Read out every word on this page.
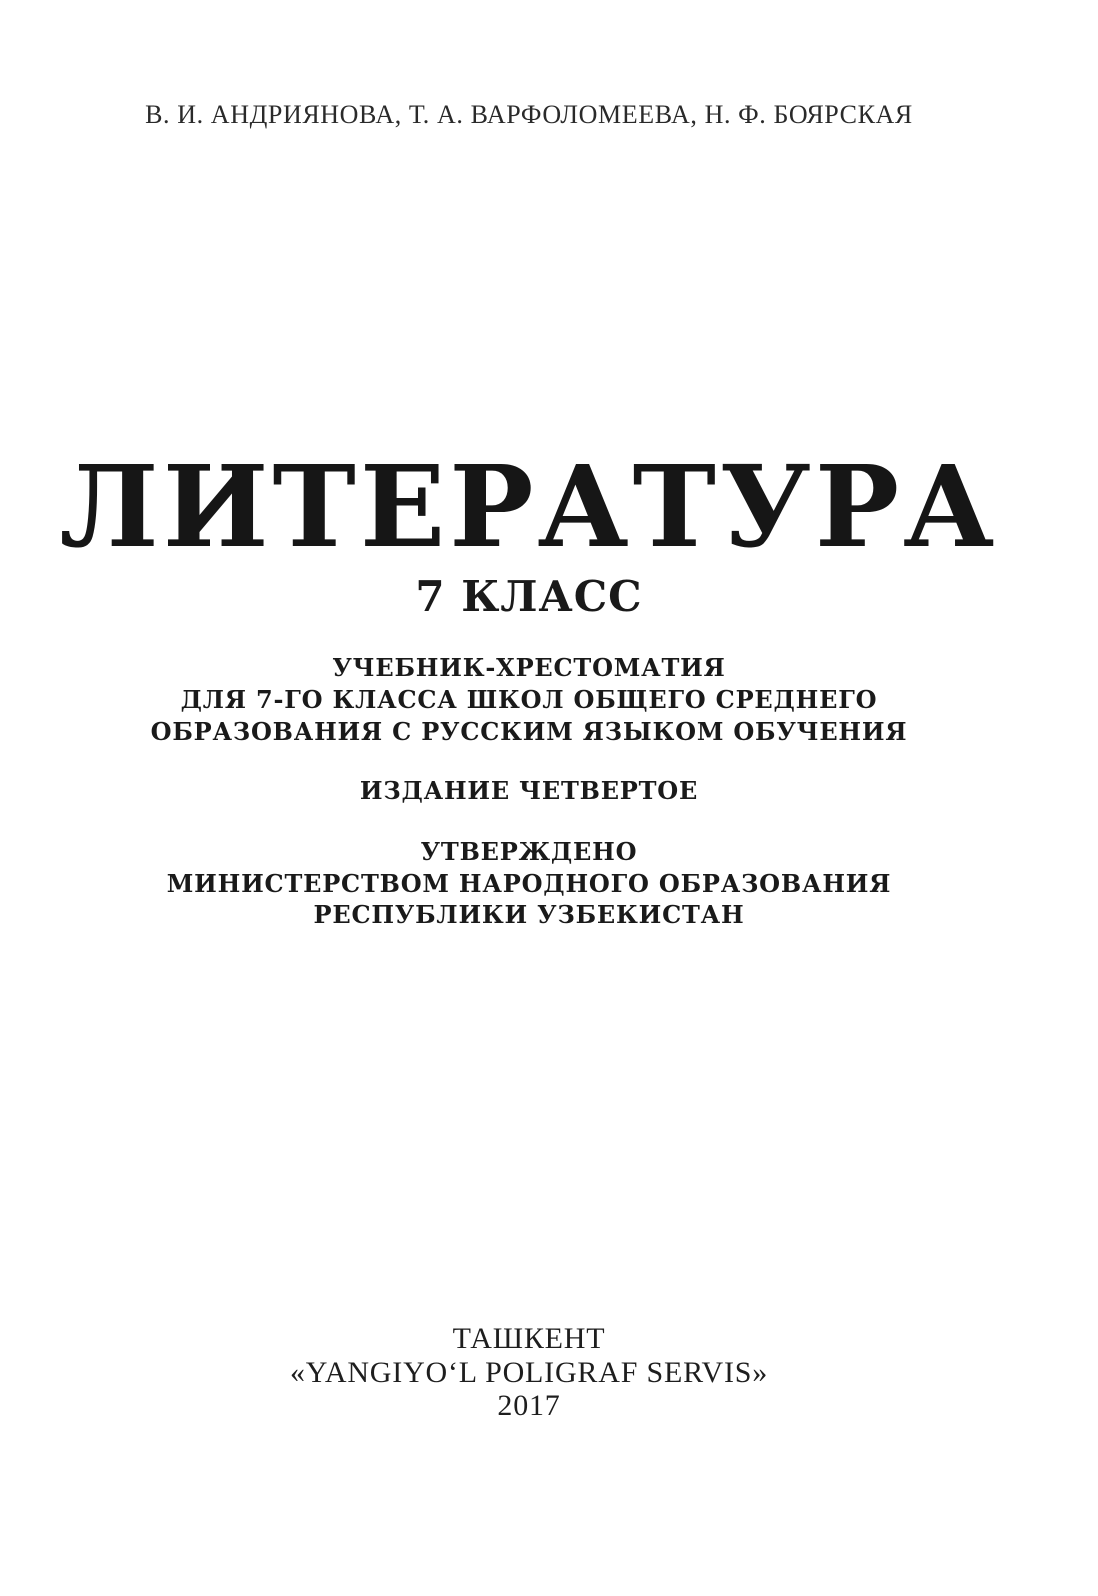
В. И. АНДРИЯНОВА, Т. А. ВАРФОЛОМЕЕВА, Н. Ф. БОЯРСКАЯ
ЛИТЕРАТУРА
7 КЛАСС
УЧЕБНИК-ХРЕСТОМАТИЯ
ДЛЯ 7-ГО КЛАССА ШКОЛ ОБЩЕГО СРЕДНЕГО
ОБРАЗОВАНИЯ С РУССКИМ ЯЗЫКОМ ОБУЧЕНИЯ
ИЗДАНИЕ ЧЕТВЕРТОЕ
УТВЕРЖДЕНО
МИНИСТЕРСТВОМ НАРОДНОГО ОБРАЗОВАНИЯ
РЕСПУБЛИКИ УЗБЕКИСТАН
ТАШКЕНТ
«YANGIYO‘L POLIGRAF SERVIS»
2017
